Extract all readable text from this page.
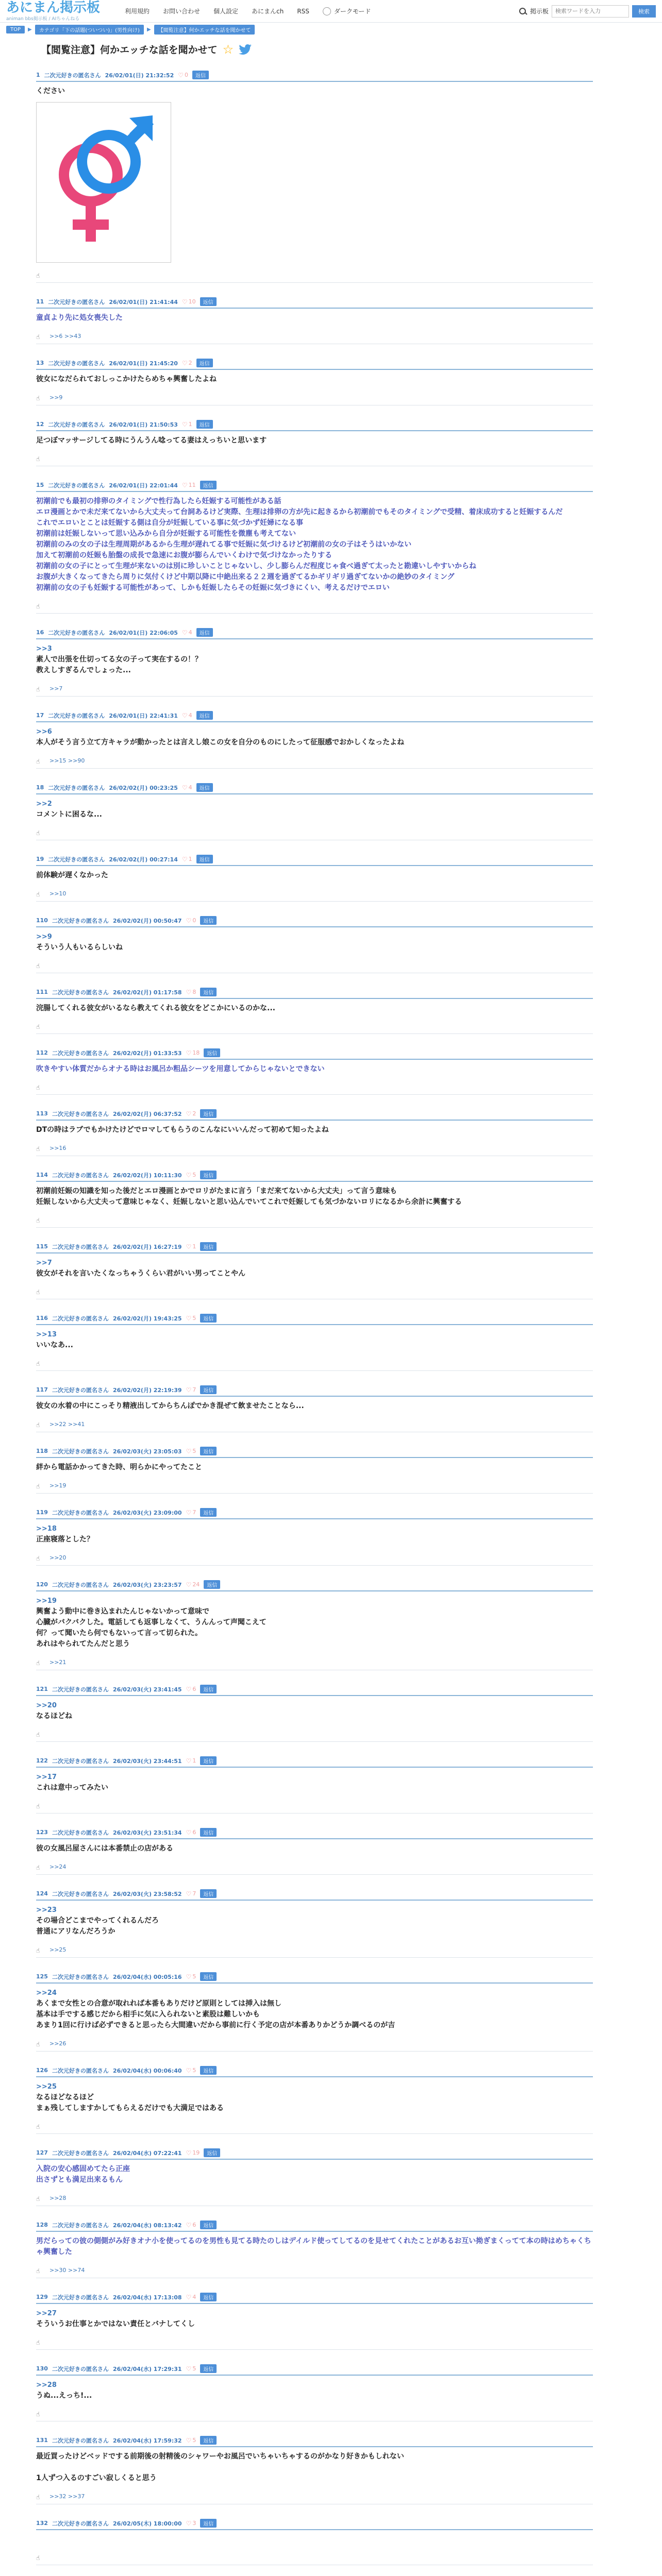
あにまん掲示板
animan bbs掲示板 / AIちゃんねる
利用規約 お問い合わせ 個人設定 あにまんch RSS	ダークモード	掲示板
検索ワードを入力	検索
TOP	▶	カテゴリ「下の話題(ついつい)」(男性向け)	▶	【閲覧注意】何かエッチな話を聞かせて
【閲覧注意】何かエッチな話を聞かせて ☆
1 二次元好きの匿名さん 26/02/01(日) 21:32:52 ♡ 0	返信
ください
☝
11 二次元好きの匿名さん 26/02/01(日) 21:41:44 ♡ 10	返信
童貞より先に処女喪失した
☝	>>6 >>43
13 二次元好きの匿名さん 26/02/01(日) 21:45:20 ♡ 2	返信
彼女になだられておしっこかけたらめちゃ興奮したよね
☝	>>9
12 二次元好きの匿名さん 26/02/01(日) 21:50:53 ♡ 1	返信
足つぼマッサージしてる時にうんうん唸ってる妻はえっちいと思います
☝
15 二次元好きの匿名さん 26/02/01(日) 22:01:44 ♡ 11	返信
初潮前でも最初の排卵のタイミングで性行為したら妊娠する可能性がある話
エロ漫画とかで未だ来てないから大丈夫って台詞あるけど実際、生理は排卵の方が先に起きるから初潮前でもそのタイミングで受精、着床成功すると妊娠するんだ
これでエロいとことは妊娠する側は自分が妊娠している事に気づかず妊婦になる事
初潮前は妊娠しないって思い込みから自分が妊娠する可能性を微塵も考えてない
初潮前のみの女の子は生理周期があるから生理が遅れてる事で妊娠に気づけるけど初潮前の女の子はそうはいかない
加えて初潮前の妊娠も胎盤の成長で急速にお腹が膨らんでいくわけで気づけなかったりする
初潮前の女の子にとって生理が来ないのは別に珍しいことじゃないし、少し膨らんだ程度じゃ食べ過ぎて太ったと勘違いしやすいからね
お腹が大きくなってきたら周りに気付くけど中期以降に中絶出来る２２週を過ぎてるかギリギリ過ぎてないかの絶妙のタイミング
初潮前の女の子も妊娠する可能性があって、しかも妊娠したらその妊娠に気づきにくい、考えるだけでエロい
☝
16 二次元好きの匿名さん 26/02/01(日) 22:06:05 ♡ 4	返信
>>3
素人で出張を仕切ってる女の子って実在するの！？
教えしすぎるんでしょった...
☝	>>7
17 二次元好きの匿名さん 26/02/01(日) 22:41:31 ♡ 4	返信
>>6
本人がそう言う立て方キャラが動かったとは言えし娘この女を自分のものにしたって征服感でおかしくなったよね
☝	>>15 >>90
18 二次元好きの匿名さん 26/02/02(月) 00:23:25 ♡ 4	返信
>>2
コメントに困るな...
☝
19 二次元好きの匿名さん 26/02/02(月) 00:27:14 ♡ 1	返信
前体験が遅くなかった
☝	>>10
110 二次元好きの匿名さん 26/02/02(月) 00:50:47 ♡ 0	返信
>>9
そういう人もいるらしいね
☝
111 二次元好きの匿名さん 26/02/02(月) 01:17:58 ♡ 8	返信
浣腸してくれる彼女がいるなら教えてくれる彼女をどこかにいるのかな...
☝
112 二次元好きの匿名さん 26/02/02(月) 01:33:53 ♡ 18	返信
吹きやすい体質だからオナる時はお風呂か粗品シーツを用意してからじゃないとできない
☝
113 二次元好きの匿名さん 26/02/02(月) 06:37:52 ♡ 2	返信
DTの時はラブでもかけたけどでロマしてもらうのこんなにいいんだって初めて知ったよね
☝	>>16
114 二次元好きの匿名さん 26/02/02(月) 10:11:30 ♡ 5	返信
初潮前妊娠の知識を知った後だとエロ漫画とかでロリがたまに言う「まだ来てないから大丈夫」って言う意味も
妊娠しないから大丈夫って意味じゃなく、妊娠しないと思い込んでいてこれで妊娠しても気づかないロリになるから余計に興奮する
☝
115 二次元好きの匿名さん 26/02/02(月) 16:27:19 ♡ 1	返信
>>7
彼女がそれを言いたくなっちゃうくらい君がいい男ってことやん
☝
116 二次元好きの匿名さん 26/02/02(月) 19:43:25 ♡ 5	返信
>>13
いいなあ...
☝
117 二次元好きの匿名さん 26/02/02(月) 22:19:39 ♡ 7	返信
彼女の水着の中にこっそり精液出してからちんぽでかき混ぜて飲ませたことなら...
☝	>>22 >>41
118 二次元好きの匿名さん 26/02/03(火) 23:05:03 ♡ 5	返信
絆から電話かかってきた時、明らかにやってたこと
☝	>>19
119 二次元好きの匿名さん 26/02/03(火) 23:09:00 ♡ 7	返信
>>18
正座寝落とした？
☝	>>20
120 二次元好きの匿名さん 26/02/03(火) 23:23:57 ♡ 24	返信
>>19
興奮よう動中に巻き込まれたんじゃないかって意味で
心臓がバクバクした。電話しても返事しなくて、うんんって声聞こえて
何？って聞いたら何でもないって言って切られた。
あれはやられてたんだと思う
☝	>>21
121 二次元好きの匿名さん 26/02/03(火) 23:41:45 ♡ 6	返信
>>20
なるほどね
☝
122 二次元好きの匿名さん 26/02/03(火) 23:44:51 ♡ 1	返信
>>17
これは意中ってみたい
☝
123 二次元好きの匿名さん 26/02/03(火) 23:51:34 ♡ 6	返信
彼の女風呂屋さんには本番禁止の店がある
☝	>>24
124 二次元好きの匿名さん 26/02/03(火) 23:58:52 ♡ 7	返信
>>23
その場合どこまでやってくれるんだろ
普通にアリなんだろうか
☝	>>25
125 二次元好きの匿名さん 26/02/04(水) 00:05:16 ♡ 5	返信
>>24
あくまで女性との合意が取れれば本番もありだけど原則としては挿入は無し
基本は手でする感じだから相手に気に入られないと素股は難しいかも
あまり1回に行けば必ずできると思ったら大間違いだから事前に行く予定の店が本番ありかどうか調べるのが吉
☝	>>26
126 二次元好きの匿名さん 26/02/04(水) 00:06:40 ♡ 5	返信
>>25
なるほどなるほど
まぁ残してしますかしてもらえるだけでも大満足ではある
☝
127 二次元好きの匿名さん 26/02/04(水) 07:22:41 ♡ 19	返信
入院の安心感固めてたら正座
出さずとも満足出来るもん
☝	>>28
128 二次元好きの匿名さん 26/02/04(水) 08:13:42 ♡ 6	返信
男だらっての彼の側側がみ好きオナ小を使ってるのを男性も見てる時たのしはデイルド使ってしてるのを見せてくれたことがあるお互い拗ぎまくってて本の時はめちゃくちゃ興奮した
☝	>>30 >>74
129 二次元好きの匿名さん 26/02/04(水) 17:13:08 ♡ 4	返信
>>27
そういうお仕事とかではない責任とバナしてくし
☝
130 二次元好きの匿名さん 26/02/04(水) 17:29:31 ♡ 5	返信
>>28
うぬ...えっち!...
☝
131 二次元好きの匿名さん 26/02/04(水) 17:59:32 ♡ 5	返信
最近買ったけどベッドでする前期後の射精後のシャワーやお風呂でいちゃいちゃするのがかなり好きかもしれない

1人ずつ入るのすごい寂しくると思う
☝	>>32 >>37
132 二次元好きの匿名さん 26/02/05(木) 18:00:00 ♡ 3	返信

☝
